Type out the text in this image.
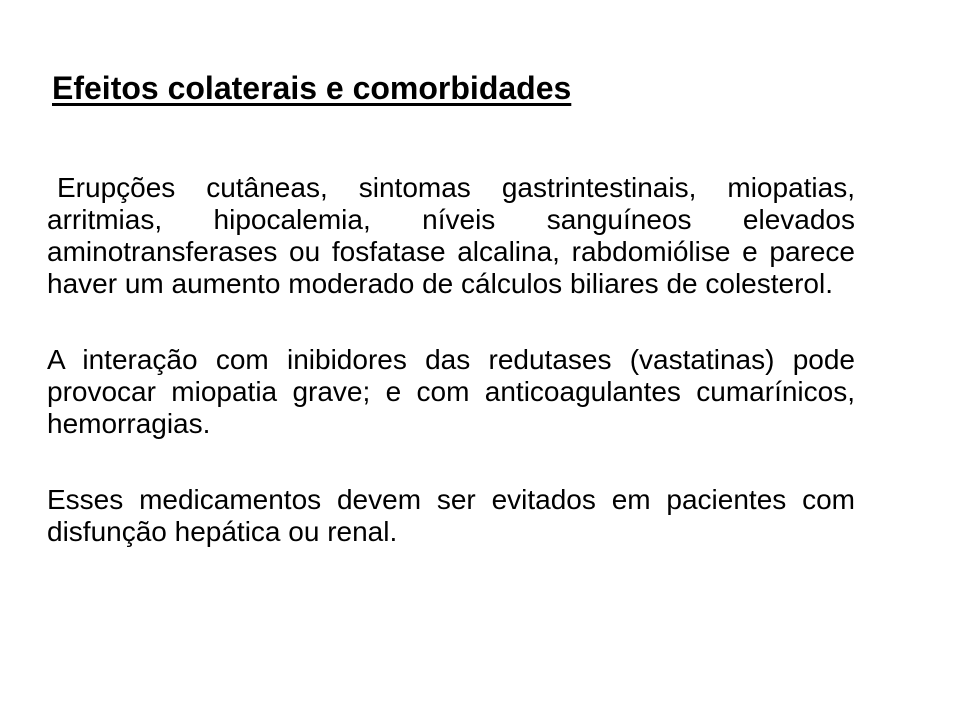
Efeitos colaterais e comorbidades

Erupções cutâneas, sintomas gastrintestinais, miopatias, arritmias, hipocalemia, níveis sanguíneos elevados aminotransferases ou fosfatase alcalina, rabdomiólise e parece haver um aumento moderado de cálculos biliares de colesterol.

A interação com inibidores das redutases (vastatinas) pode provocar miopatia grave; e com anticoagulantes cumarínicos, hemorragias.

Esses medicamentos devem ser evitados em pacientes com disfunção hepática ou renal.
